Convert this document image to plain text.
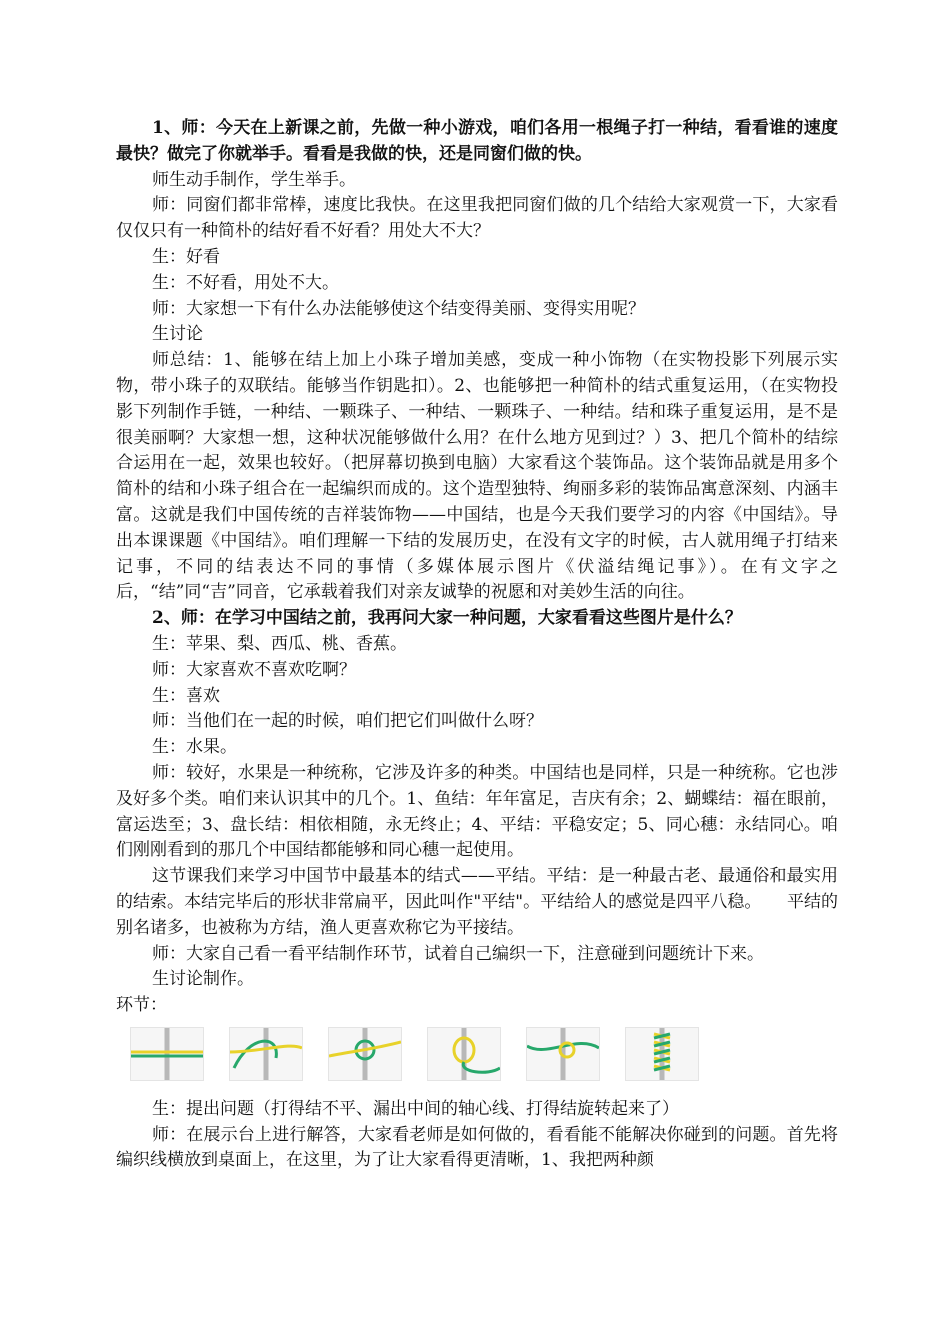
1、师：今天在上新课之前，先做一种小游戏，咱们各用一根绳子打一种结，看看谁的速度最快？做完了你就举手。看看是我做的快，还是同窗们做的快。

师生动手制作，学生举手。

师：同窗们都非常棒，速度比我快。在这里我把同窗们做的几个结给大家观赏一下，大家看仅仅只有一种简朴的结好看不好看？用处大不大？

生：好看

生：不好看，用处不大。

师：大家想一下有什么办法能够使这个结变得美丽、变得实用呢？

生讨论

师总结：1、能够在结上加上小珠子增加美感，变成一种小饰物（在实物投影下列展示实物，带小珠子的双联结。能够当作钥匙扣）。2、也能够把一种简朴的结式重复运用，（在实物投影下列制作手链，一种结、一颗珠子、一种结、一颗珠子、一种结。结和珠子重复运用，是不是很美丽啊？大家想一想，这种状况能够做什么用？在什么地方见到过？）3、把几个简朴的结综合运用在一起，效果也较好。（把屏幕切换到电脑）大家看这个装饰品。这个装饰品就是用多个简朴的结和小珠子组合在一起编织而成的。这个造型独特、绚丽多彩的装饰品寓意深刻、内涵丰富。这就是我们中国传统的吉祥装饰物——中国结，也是今天我们要学习的内容《中国结》。导出本课课题《中国结》。咱们理解一下结的发展历史，在没有文字的时候，古人就用绳子打结来记事，不同的结表达不同的事情（多媒体展示图片《伏溢结绳记事》）。在有文字之后，“结”同“吉”同音，它承载着我们对亲友诚挚的祝愿和对美妙生活的向往。

2、师：在学习中国结之前，我再问大家一种问题，大家看看这些图片是什么？

生：苹果、梨、西瓜、桃、香蕉。

师：大家喜欢不喜欢吃啊？

生：喜欢

师：当他们在一起的时候，咱们把它们叫做什么呀？

生：水果。

师：较好，水果是一种统称，它涉及许多的种类。中国结也是同样，只是一种统称。它也涉及好多个类。咱们来认识其中的几个。1、鱼结：年年富足，吉庆有余；2、蝴蝶结：福在眼前，富运迭至；3、盘长结：相依相随，永无终止；4、平结：平稳安定；5、同心穗：永结同心。咱们刚刚看到的那几个中国结都能够和同心穗一起使用。

这节课我们来学习中国节中最基本的结式——平结。平结：是一种最古老、最通俗和最实用的结索。本结完毕后的形状非常扁平，因此叫作"平结"。平结给人的感觉是四平八稳。　　平结的别名诸多，也被称为方结，渔人更喜欢称它为平接结。

师：大家自己看一看平结制作环节，试着自己编织一下，注意碰到问题统计下来。

生讨论制作。

环节：

生：提出问题（打得结不平、漏出中间的轴心线、打得结旋转起来了）

师：在展示台上进行解答，大家看老师是如何做的，看看能不能解决你碰到的问题。首先将编织线横放到桌面上，在这里，为了让大家看得更清晰，1、我把两种颜
